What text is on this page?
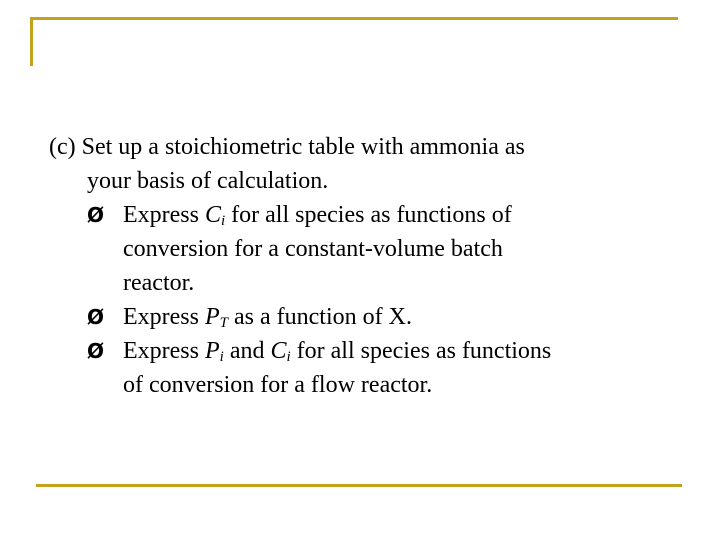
(c) Set up a stoichiometric table with ammonia as
your basis of calculation.
Ø Express $C_i$ for all species as functions of
conversion for a constant-volume batch
reactor.
Ø Express $P_T$ as a function of X.
Ø Express $P_i$ and $C_i$ for all species as functions
of conversion for a flow reactor.
